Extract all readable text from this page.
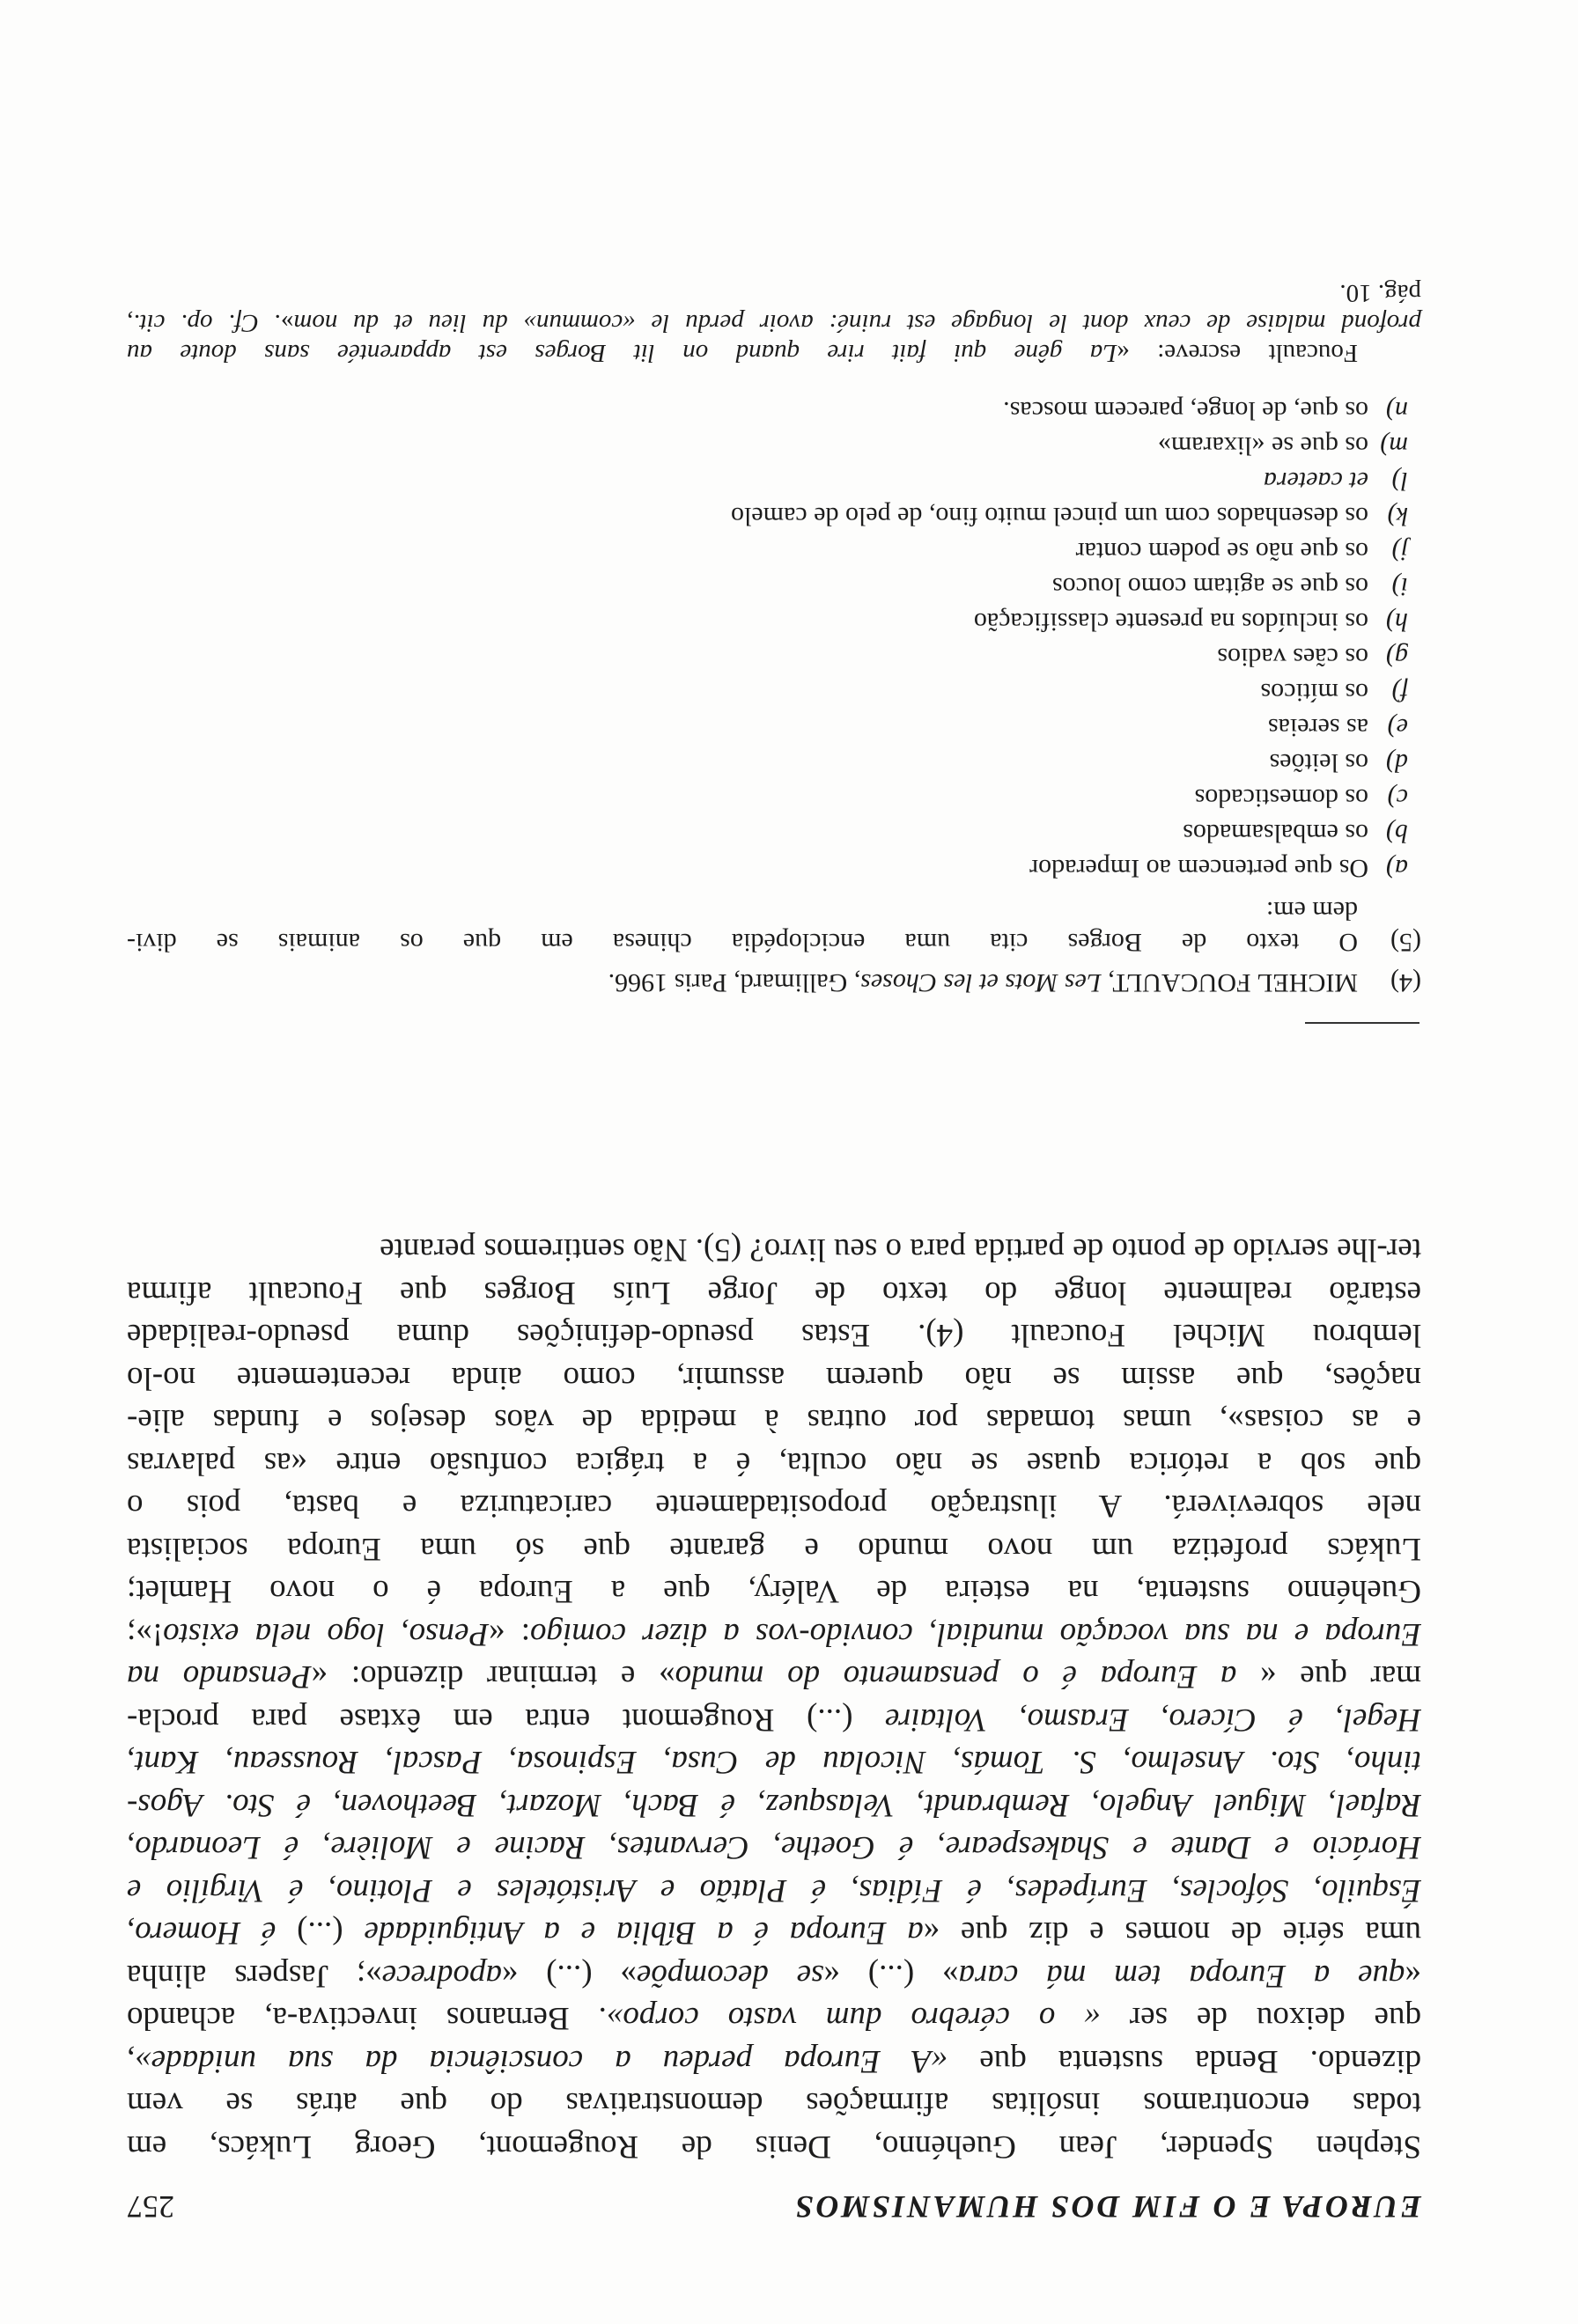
EUROPA E O FIM DOS HUMANISMOS
257
Stephen Spender, Jean Guehénno, Denis de Rougemont, Georg Lukács, em
todas encontramos insólitas afirmações demonstrativas do que atrás se vem
dizendo. Benda sustenta que «A Europa perdeu a consciência da sua unidade»,
que deixou de ser « o cérebro dum vasto corpo». Bernanos invectiva-a, achando
«que a Europa tem má cara» (...) «se decompõe» (...) «apodrece»; Jaspers alinha
uma série de nomes e diz que «a Europa é a Bíblia e a Antiguidade (...) é Homero,
Ésquilo, Sófocles, Eurípedes, é Fídias, é Platão e Aristóteles e Plotino, é Virgílio e
Horácio e Dante e Shakespeare, é Goethe, Cervantes, Racine e Molière, é Leonardo,
Rafael, Miguel Angelo, Rembrandt, Velasquez, é Bach, Mozart, Beethoven, é Sto. Agos-
tinho, Sto. Anselmo, S. Tomás, Nicolau de Cusa, Espinosa, Pascal, Rousseau, Kant,
Hegel, é Cícero, Erasmo, Voltaire (...) Rougemont entra em êxtase para procla-
mar que « a Europa é o pensamento do mundo» e terminar dizendo: «Pensando na
Europa e na sua vocação mundial, convido-vos a dizer comigo: «Penso, logo nela existo!»;
Guehénno sustenta, na esteira de Valéry, que a Europa é o novo Hamlet;
Lukács profetiza um novo mundo e garante que só uma Europa socialista
nele sobreviverá. A ilustração propositadamente caricaturiza e basta, pois o
que sob a retórica quase se não oculta, é a trágica confusão entre «as palavras
e as coisas», umas tomadas por outras à medida de vãos desejos e fundas alie-
nações, que assim se não querem assumir, como ainda recentemente no-lo
lembrou Michel Foucault (4). Estas pseudo-definições duma pseudo-realidade
estarão realmente longe do texto de Jorge Luís Borges que Foucault afirma
ter-lhe servido de ponto de partida para o seu livro? (5). Não sentiremos perante
(4)
MICHEL FOUCAULT, Les Mots et les Choses, Gallimard, Paris 1966.
(5)
O texto de Borges cita uma enciclopédia chinesa em que os animais se divi-
dem em:
a)
Os que pertencem ao Imperador
b)
os embalsamados
c)
os domesticados
d)
os leitões
e)
as sereias
f)
os míticos
g)
os cães vadios
h)
os incluídos na presente classificação
i)
os que se agitam como loucos
j)
os que não se podem contar
k)
os desenhados com um pincel muito fino, de pelo de camelo
l)
et caetera
m)
os que se «lixaram»
n)
os que, de longe, parecem moscas.
Foucault escreve: «La gêne qui fait rire quand on lit Borges est apparentée sans doute au
profond malaise de ceux dont le longage est ruiné: avoir perdu le «commun» du lieu et du nom». Cf. op. cit.,
pág. 10.
